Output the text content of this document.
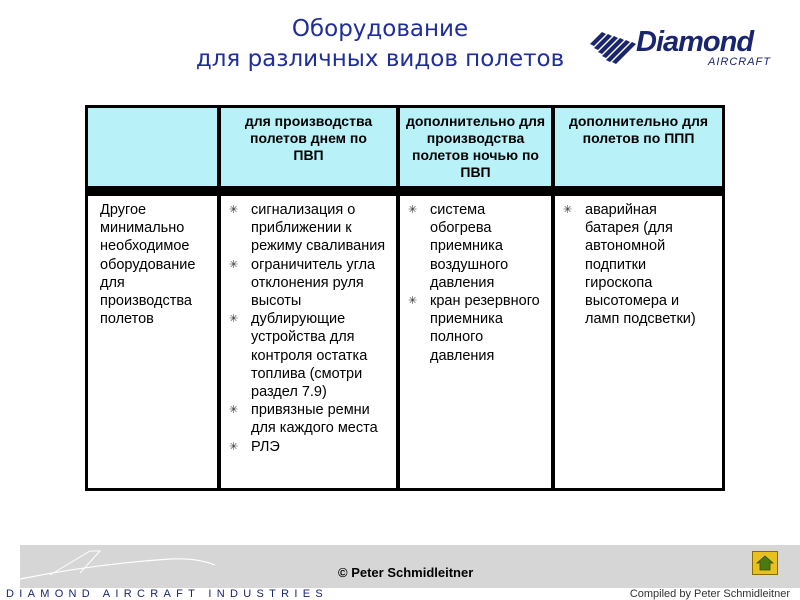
Оборудование
для различных видов полетов
Diamond
AIRCRAFT
для производства полетов днем по ПВП
дополнительно для производства полетов ночью по ПВП
дополнительно для полетов по ППП
Другое минимально необходимое оборудование для производства полетов
✳ сигнализация о приближении к режиму сваливания
✳ ограничитель угла отклонения руля высоты
✳ дублирующие устройства для контроля остатка топлива (смотри раздел 7.9)
✳ привязные ремни для каждого места
✳ РЛЭ
✳ система обогрева приемника воздушного давления
✳ кран резервного приемника полного давления
✳ аварийная батарея (для автономной подпитки гироскопа высотомера и ламп подсветки)
© Peter Schmidleitner
DIAMOND AIRCRAFT INDUSTRIES	Compiled by Peter Schmidleitner
